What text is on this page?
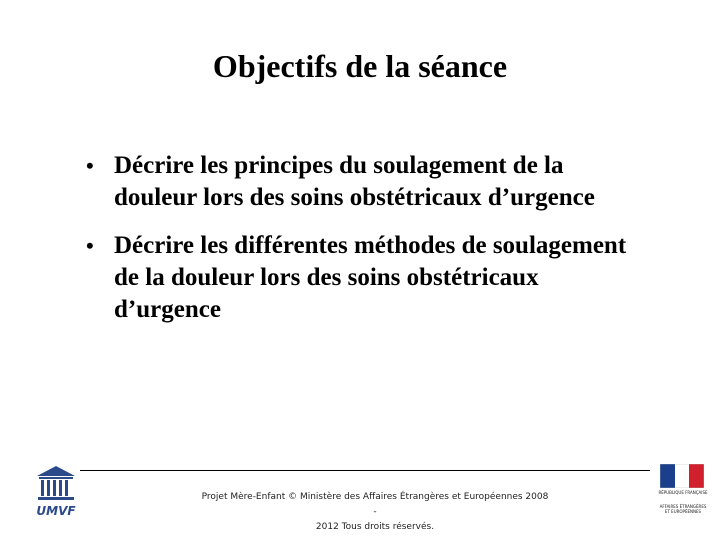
Objectifs de la séance
• Décrire les principes du soulagement de la douleur lors des soins obstétricaux d’urgence
• Décrire les différentes méthodes de soulagement de la douleur lors des soins obstétricaux d’urgence
UMVF
Projet Mère-Enfant © Ministère des Affaires Étrangères et Européennes 2008 -
2012 Tous droits réservés.
RÉPUBLIQUE FRANÇAISE
AFFAIRES ÉTRANGÈRES ET EUROPÉENNES
